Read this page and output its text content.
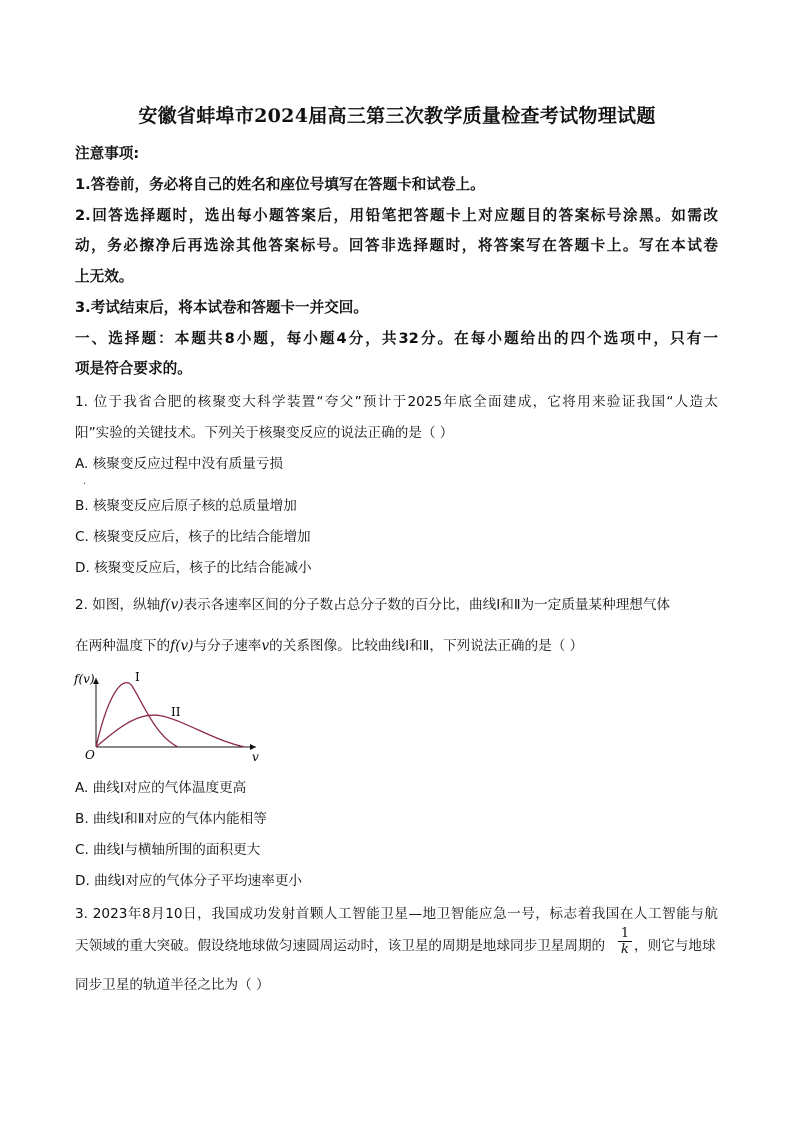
安徽省蚌埠市2024届高三第三次教学质量检查考试物理试题
注意事项:
1.答卷前，务必将自己的姓名和座位号填写在答题卡和试卷上。
2.回答选择题时，选出每小题答案后，用铅笔把答题卡上对应题目的答案标号涂黑。如需改
动，务必擦净后再选涂其他答案标号。回答非选择题时，将答案写在答题卡上。写在本试卷
上无效。
3.考试结束后，将本试卷和答题卡一并交回。
一、选择题：本题共8小题，每小题4分，共32分。在每小题给出的四个选项中，只有一
项是符合要求的。
1. 位于我省合肥的核聚变大科学装置“夸父”预计于2025年底全面建成，它将用来验证我国“人造太
阳”实验的关键技术。下列关于核聚变反应的说法正确的是（ ）
A. 核聚变反应过程中没有质量亏损
·
B. 核聚变反应后原子核的总质量增加
C. 核聚变反应后，核子的比结合能增加
D. 核聚变反应后，核子的比结合能减小
2. 如图，纵轴f(v)表示各速率区间的分子数占总分子数的百分比，曲线Ⅰ和Ⅱ为一定质量某种理想气体
在两种温度下的f(v)与分子速率v的关系图像。比较曲线Ⅰ和Ⅱ，下列说法正确的是（ ）
f(v)
v
O
I
II
A. 曲线Ⅰ对应的气体温度更高
B. 曲线Ⅰ和Ⅱ对应的气体内能相等
C. 曲线Ⅰ与横轴所围的面积更大
D. 曲线Ⅰ对应的气体分子平均速率更小
3. 2023年8月10日，我国成功发射首颗人工智能卫星—地卫智能应急一号，标志着我国在人工智能与航
天领域的重大突破。假设绕地球做匀速圆周运动时，该卫星的周期是地球同步卫星周期的 $\frac{1}{k}$ ，则它与地球
同步卫星的轨道半径之比为（ ）
